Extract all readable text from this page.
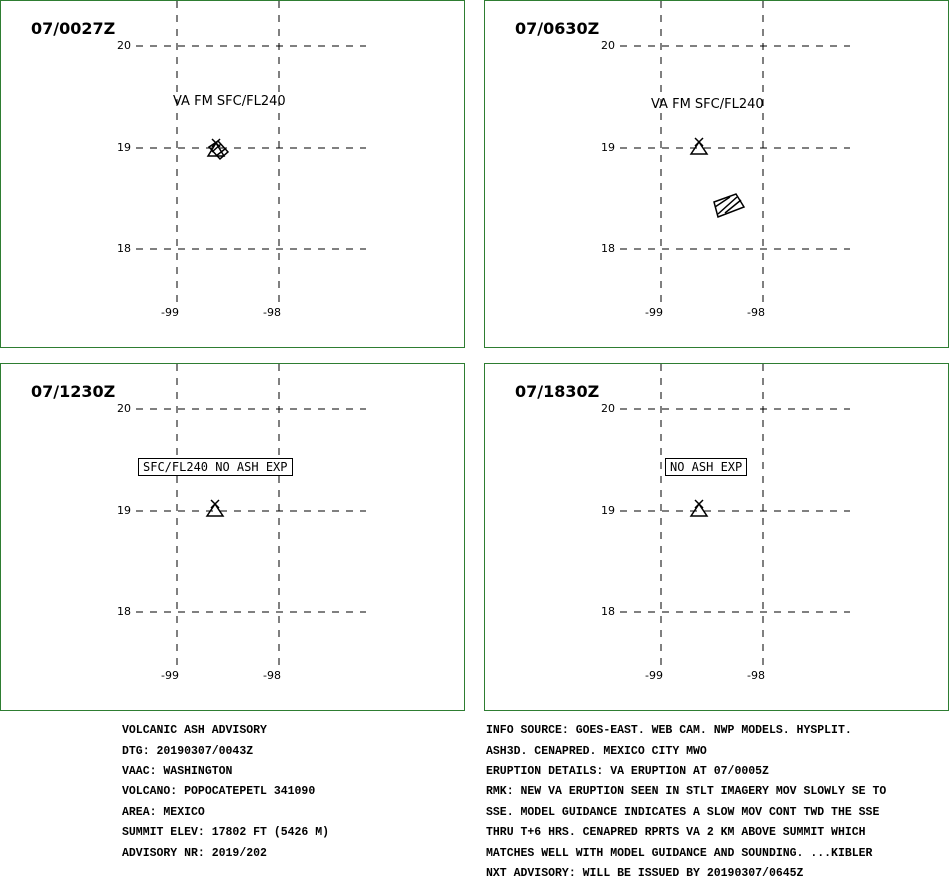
07/0027Z
20
19
18
-99	-98
VA FM SFC/FL240
07/0630Z
20
19
18
-99	-98
VA FM SFC/FL240
07/1230Z
20
19
18
-99	-98
SFC/FL240 NO ASH EXP
07/1830Z
20
19
18
-99	-98
NO ASH EXP

VOLCANIC ASH ADVISORY

DTG: 20190307/0043Z

VAAC: WASHINGTON

VOLCANO: POPOCATEPETL 341090

AREA: MEXICO

SUMMIT ELEV: 17802 FT (5426 M)

ADVISORY NR: 2019/202

INFO SOURCE: GOES-EAST. WEB CAM. NWP MODELS. HYSPLIT.

ASH3D. CENAPRED. MEXICO CITY MWO

ERUPTION DETAILS: VA ERUPTION AT 07/0005Z

RMK: NEW VA ERUPTION SEEN IN STLT IMAGERY MOV SLOWLY SE TO

SSE. MODEL GUIDANCE INDICATES A SLOW MOV CONT TWD THE SSE

THRU T+6 HRS. CENAPRED RPRTS VA 2 KM ABOVE SUMMIT WHICH

MATCHES WELL WITH MODEL GUIDANCE AND SOUNDING. ...KIBLER

NXT ADVISORY: WILL BE ISSUED BY 20190307/0645Z
